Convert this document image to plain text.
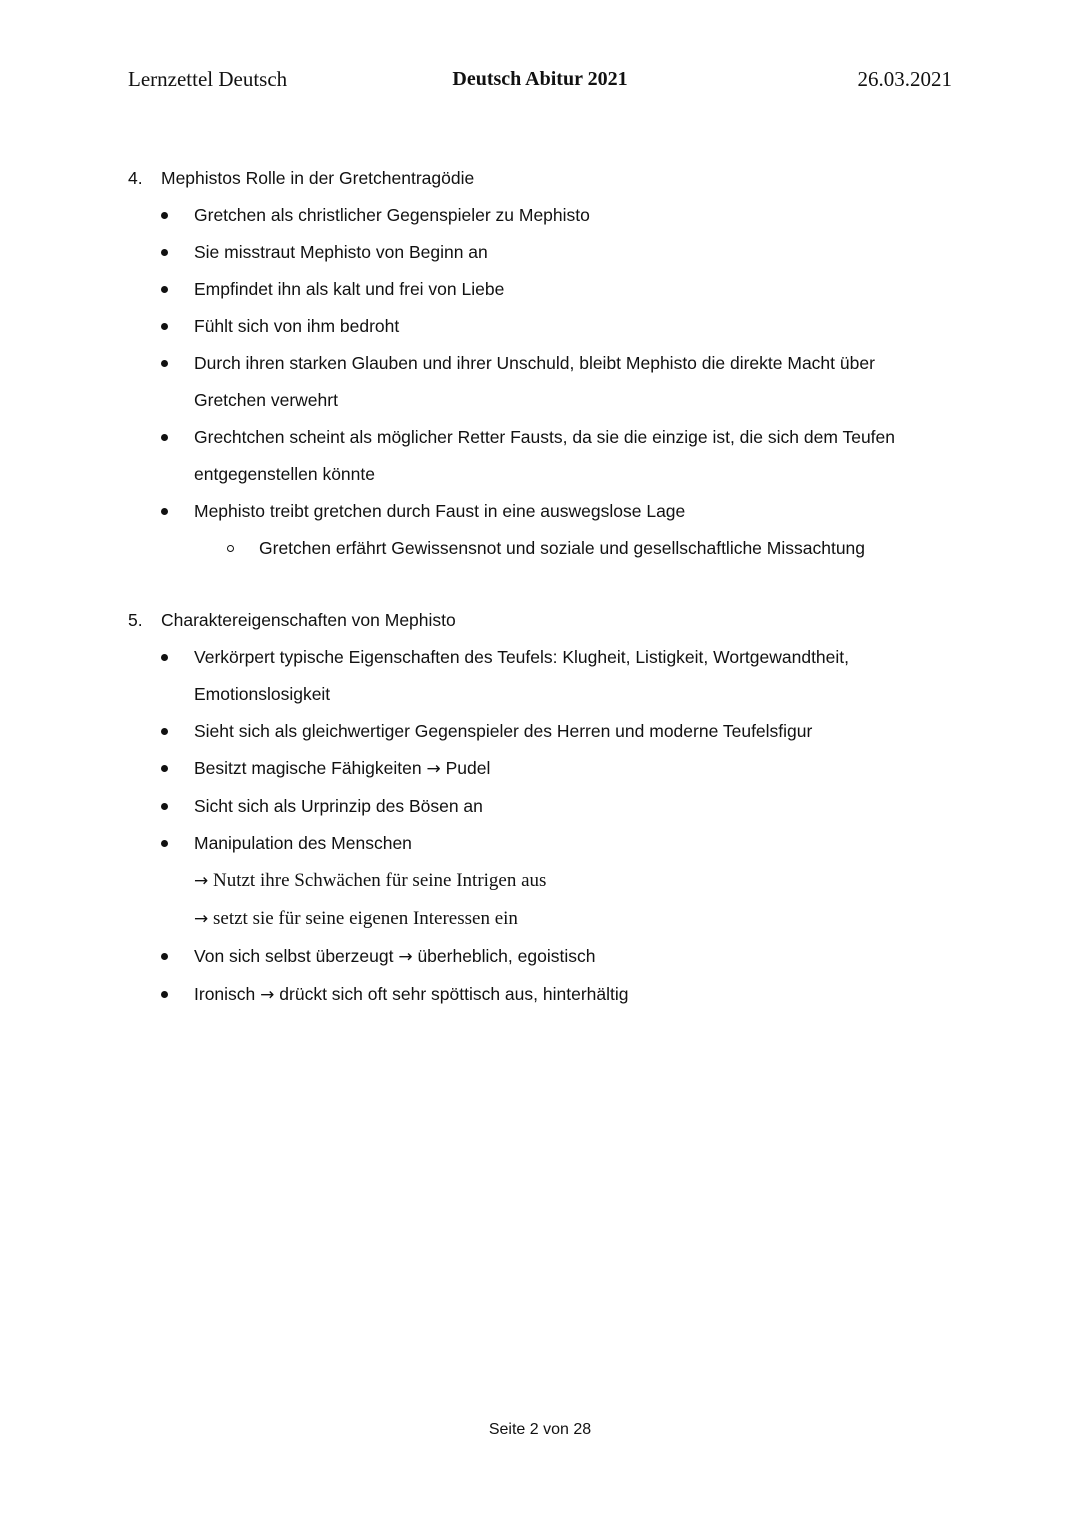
Lernzettel Deutsch	Deutsch Abitur 2021	26.03.2021
4. Mephistos Rolle in der Gretchentragödie
Gretchen als christlicher Gegenspieler zu Mephisto
Sie misstraut Mephisto von Beginn an
Empfindet ihn als kalt und frei von Liebe
Fühlt sich von ihm bedroht
Durch ihren starken Glauben und ihrer Unschuld, bleibt Mephisto die direkte Macht über
Gretchen verwehrt
Grechtchen scheint als möglicher Retter Fausts, da sie die einzige ist, die sich dem Teufen
entgegenstellen könnte
Mephisto treibt gretchen durch Faust in eine auswegslose Lage
Gretchen erfährt Gewissensnot und soziale und gesellschaftliche Missachtung
5. Charaktereigenschaften von Mephisto
Verkörpert typische Eigenschaften des Teufels: Klugheit, Listigkeit, Wortgewandtheit,
Emotionslosigkeit
Sieht sich als gleichwertiger Gegenspieler des Herren und moderne Teufelsfigur
Besitzt magische Fähigkeiten → Pudel
Sicht sich als Urprinzip des Bösen an
Manipulation des Menschen
→ Nutzt ihre Schwächen für seine Intrigen aus
→ setzt sie für seine eigenen Interessen ein
Von sich selbst überzeugt → überheblich, egoistisch
Ironisch → drückt sich oft sehr spöttisch aus, hinterhältig
Seite 2 von 28
